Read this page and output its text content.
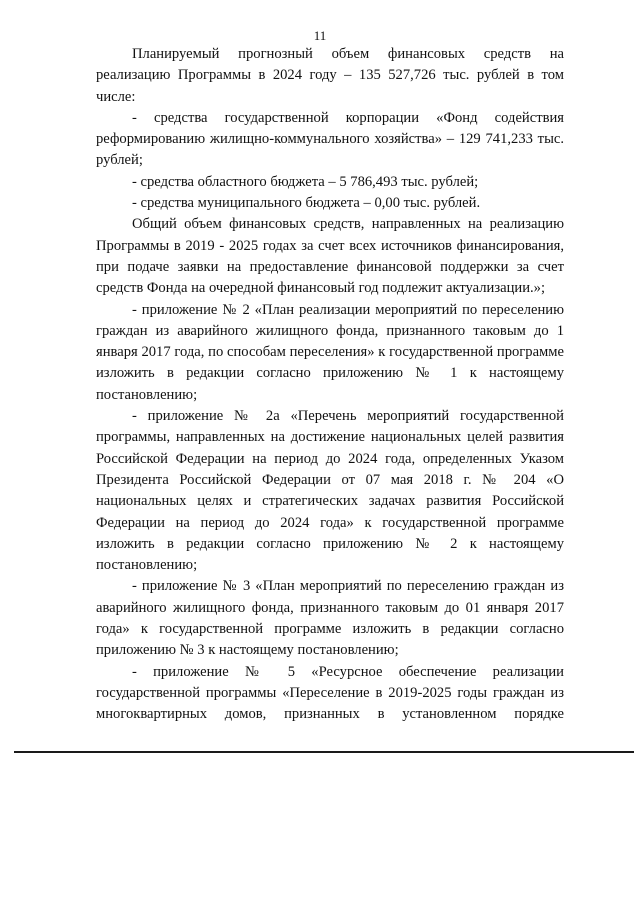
11

Планируемый прогнозный объем финансовых средств на реализацию Программы в 2024 году – 135 527,726 тыс. рублей в том числе:

- средства государственной корпорации «Фонд содействия реформированию жилищно-коммунального хозяйства» – 129 741,233 тыс. рублей;

- средства областного бюджета – 5 786,493 тыс. рублей;

- средства муниципального бюджета – 0,00 тыс. рублей.

Общий объем финансовых средств, направленных на реализацию Программы в 2019 - 2025 годах за счет всех источников финансирования, при подаче заявки на предоставление финансовой поддержки за счет средств Фонда на очередной финансовый год подлежит актуализации.»;

- приложение № 2 «План реализации мероприятий по переселению граждан из аварийного жилищного фонда, признанного таковым до 1 января 2017 года, по способам переселения» к государственной программе изложить в редакции согласно приложению № 1 к настоящему постановлению;

- приложение № 2а «Перечень мероприятий государственной программы, направленных на достижение национальных целей развития Российской Федерации на период до 2024 года, определенных Указом Президента Российской Федерации от 07 мая 2018 г. № 204 «О национальных целях и стратегических задачах развития Российской Федерации на период до 2024 года» к государственной программе изложить в редакции согласно приложению № 2 к настоящему постановлению;

- приложение № 3 «План мероприятий по переселению граждан из аварийного жилищного фонда, признанного таковым до 01 января 2017 года» к государственной программе изложить в редакции согласно приложению № 3 к настоящему постановлению;

- приложение № 5 «Ресурсное обеспечение реализации государственной программы «Переселение в 2019-2025 годы граждан из многоквартирных домов, признанных в установленном порядке
